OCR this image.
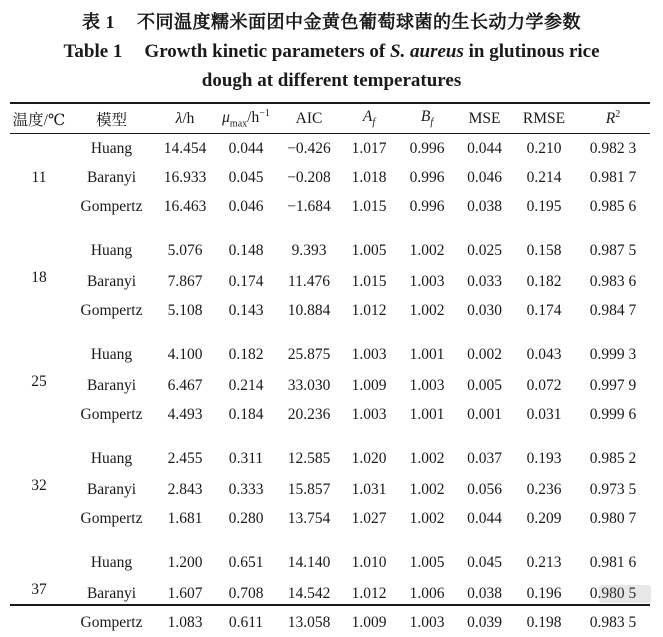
表 1 不同温度糯米面团中金黄色葡萄球菌的生长动力学参数
Table 1 Growth kinetic parameters of S. aureus in glutinous rice
dough at different temperatures
温度/℃	模型	λ/h	$\mu_{max}/h^{-1}$	AIC	$A_f$	$B_f$	MSE	RMSE	$R^2$
11	Huang	14.454	0.044	−0.426	1.017	0.996	0.044	0.210	0.982 3
	Baranyi	16.933	0.045	−0.208	1.018	0.996	0.046	0.214	0.981 7
	Gompertz	16.463	0.046	−1.684	1.015	0.996	0.038	0.195	0.985 6
18	Huang	5.076	0.148	9.393	1.005	1.002	0.025	0.158	0.987 5
	Baranyi	7.867	0.174	11.476	1.015	1.003	0.033	0.182	0.983 6
	Gompertz	5.108	0.143	10.884	1.012	1.002	0.030	0.174	0.984 7
25	Huang	4.100	0.182	25.875	1.003	1.001	0.002	0.043	0.999 3
	Baranyi	6.467	0.214	33.030	1.009	1.003	0.005	0.072	0.997 9
	Gompertz	4.493	0.184	20.236	1.003	1.001	0.001	0.031	0.999 6
32	Huang	2.455	0.311	12.585	1.020	1.002	0.037	0.193	0.985 2
	Baranyi	2.843	0.333	15.857	1.031	1.002	0.056	0.236	0.973 5
	Gompertz	1.681	0.280	13.754	1.027	1.002	0.044	0.209	0.980 7
37	Huang	1.200	0.651	14.140	1.010	1.005	0.045	0.213	0.981 6
	Baranyi	1.607	0.708	14.542	1.012	1.006	0.038	0.196	0.980 5
	Gompertz	1.083	0.611	13.058	1.009	1.003	0.039	0.198	0.983 5
